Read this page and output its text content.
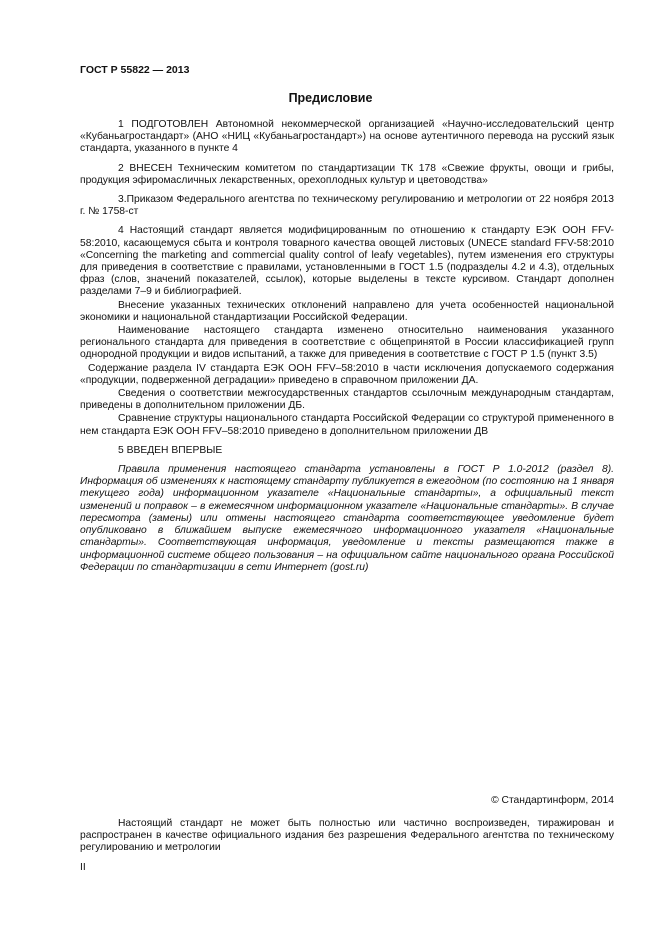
ГОСТ Р 55822 — 2013
Предисловие

1 ПОДГОТОВЛЕН Автономной некоммерческой организацией «Научно-исследовательский центр «Кубаньагростандарт» (АНО «НИЦ «Кубаньагростандарт») на основе аутентичного перевода на русский язык стандарта, указанного в пункте 4

2 ВНЕСЕН Техническим комитетом по стандартизации ТК 178 «Свежие фрукты, овощи и грибы, продукция эфиромасличных лекарственных, орехоплодных культур и цветоводства»

3.Приказом Федерального агентства по техническому регулированию и метрологии от 22 ноября 2013 г. № 1758-ст

4 Настоящий стандарт является модифицированным по отношению к стандарту ЕЭК ООН FFV-58:2010, касающемуся сбыта и контроля товарного качества овощей листовых (UNECE standard FFV-58:2010 «Concerning the marketing and commercial quality control of leafy vegetables), путем изменения его структуры для приведения в соответствие с правилами, установленными в ГОСТ 1.5 (подразделы 4.2 и 4.3), отдельных фраз (слов, значений показателей, ссылок), которые выделены в тексте курсивом. Стандарт дополнен разделами 7–9 и библиографией.

Внесение указанных технических отклонений направлено для учета особенностей национальной экономики и национальной стандартизации Российской Федерации.

Наименование настоящего стандарта изменено относительно наименования указанного регионального стандарта для приведения в соответствие с общепринятой в России классификацией групп однородной продукции и видов испытаний, а также для приведения в соответствие с ГОСТ Р 1.5 (пункт 3.5)

Содержание раздела IV стандарта ЕЭК ООН FFV–58:2010 в части исключения допускаемого содержания «продукции, подверженной деградации» приведено в справочном приложении ДА.

Сведения о соответствии межгосударственных стандартов ссылочным международным стандартам, приведены в дополнительном приложении ДБ.

Сравнение структуры национального стандарта Российской Федерации со структурой примененного в нем стандарта ЕЭК ООН FFV–58:2010 приведено в дополнительном приложении ДВ

5 ВВЕДЕН ВПЕРВЫЕ

Правила применения настоящего стандарта установлены в ГОСТ Р 1.0-2012 (раздел 8). Информация об изменениях к настоящему стандарту публикуется в ежегодном (по состоянию на 1 января текущего года) информационном указателе «Национальные стандарты», а официальный текст изменений и поправок – в ежемесячном информационном указателе «Национальные стандарты». В случае пересмотра (замены) или отмены настоящего стандарта соответствующее уведомление будет опубликовано в ближайшем выпуске ежемесячного информационного указателя «Национальные стандарты». Соответствующая информация, уведомление и тексты размещаются также в информационной системе общего пользования – на официальном сайте национального органа Российской Федерации по стандартизации в сети Интернет (gost.ru)

© Стандартинформ, 2014
Настоящий стандарт не может быть полностью или частично воспроизведен, тиражирован и распространен в качестве официального издания без разрешения Федерального агентства по техническому регулированию и метрологии
II
